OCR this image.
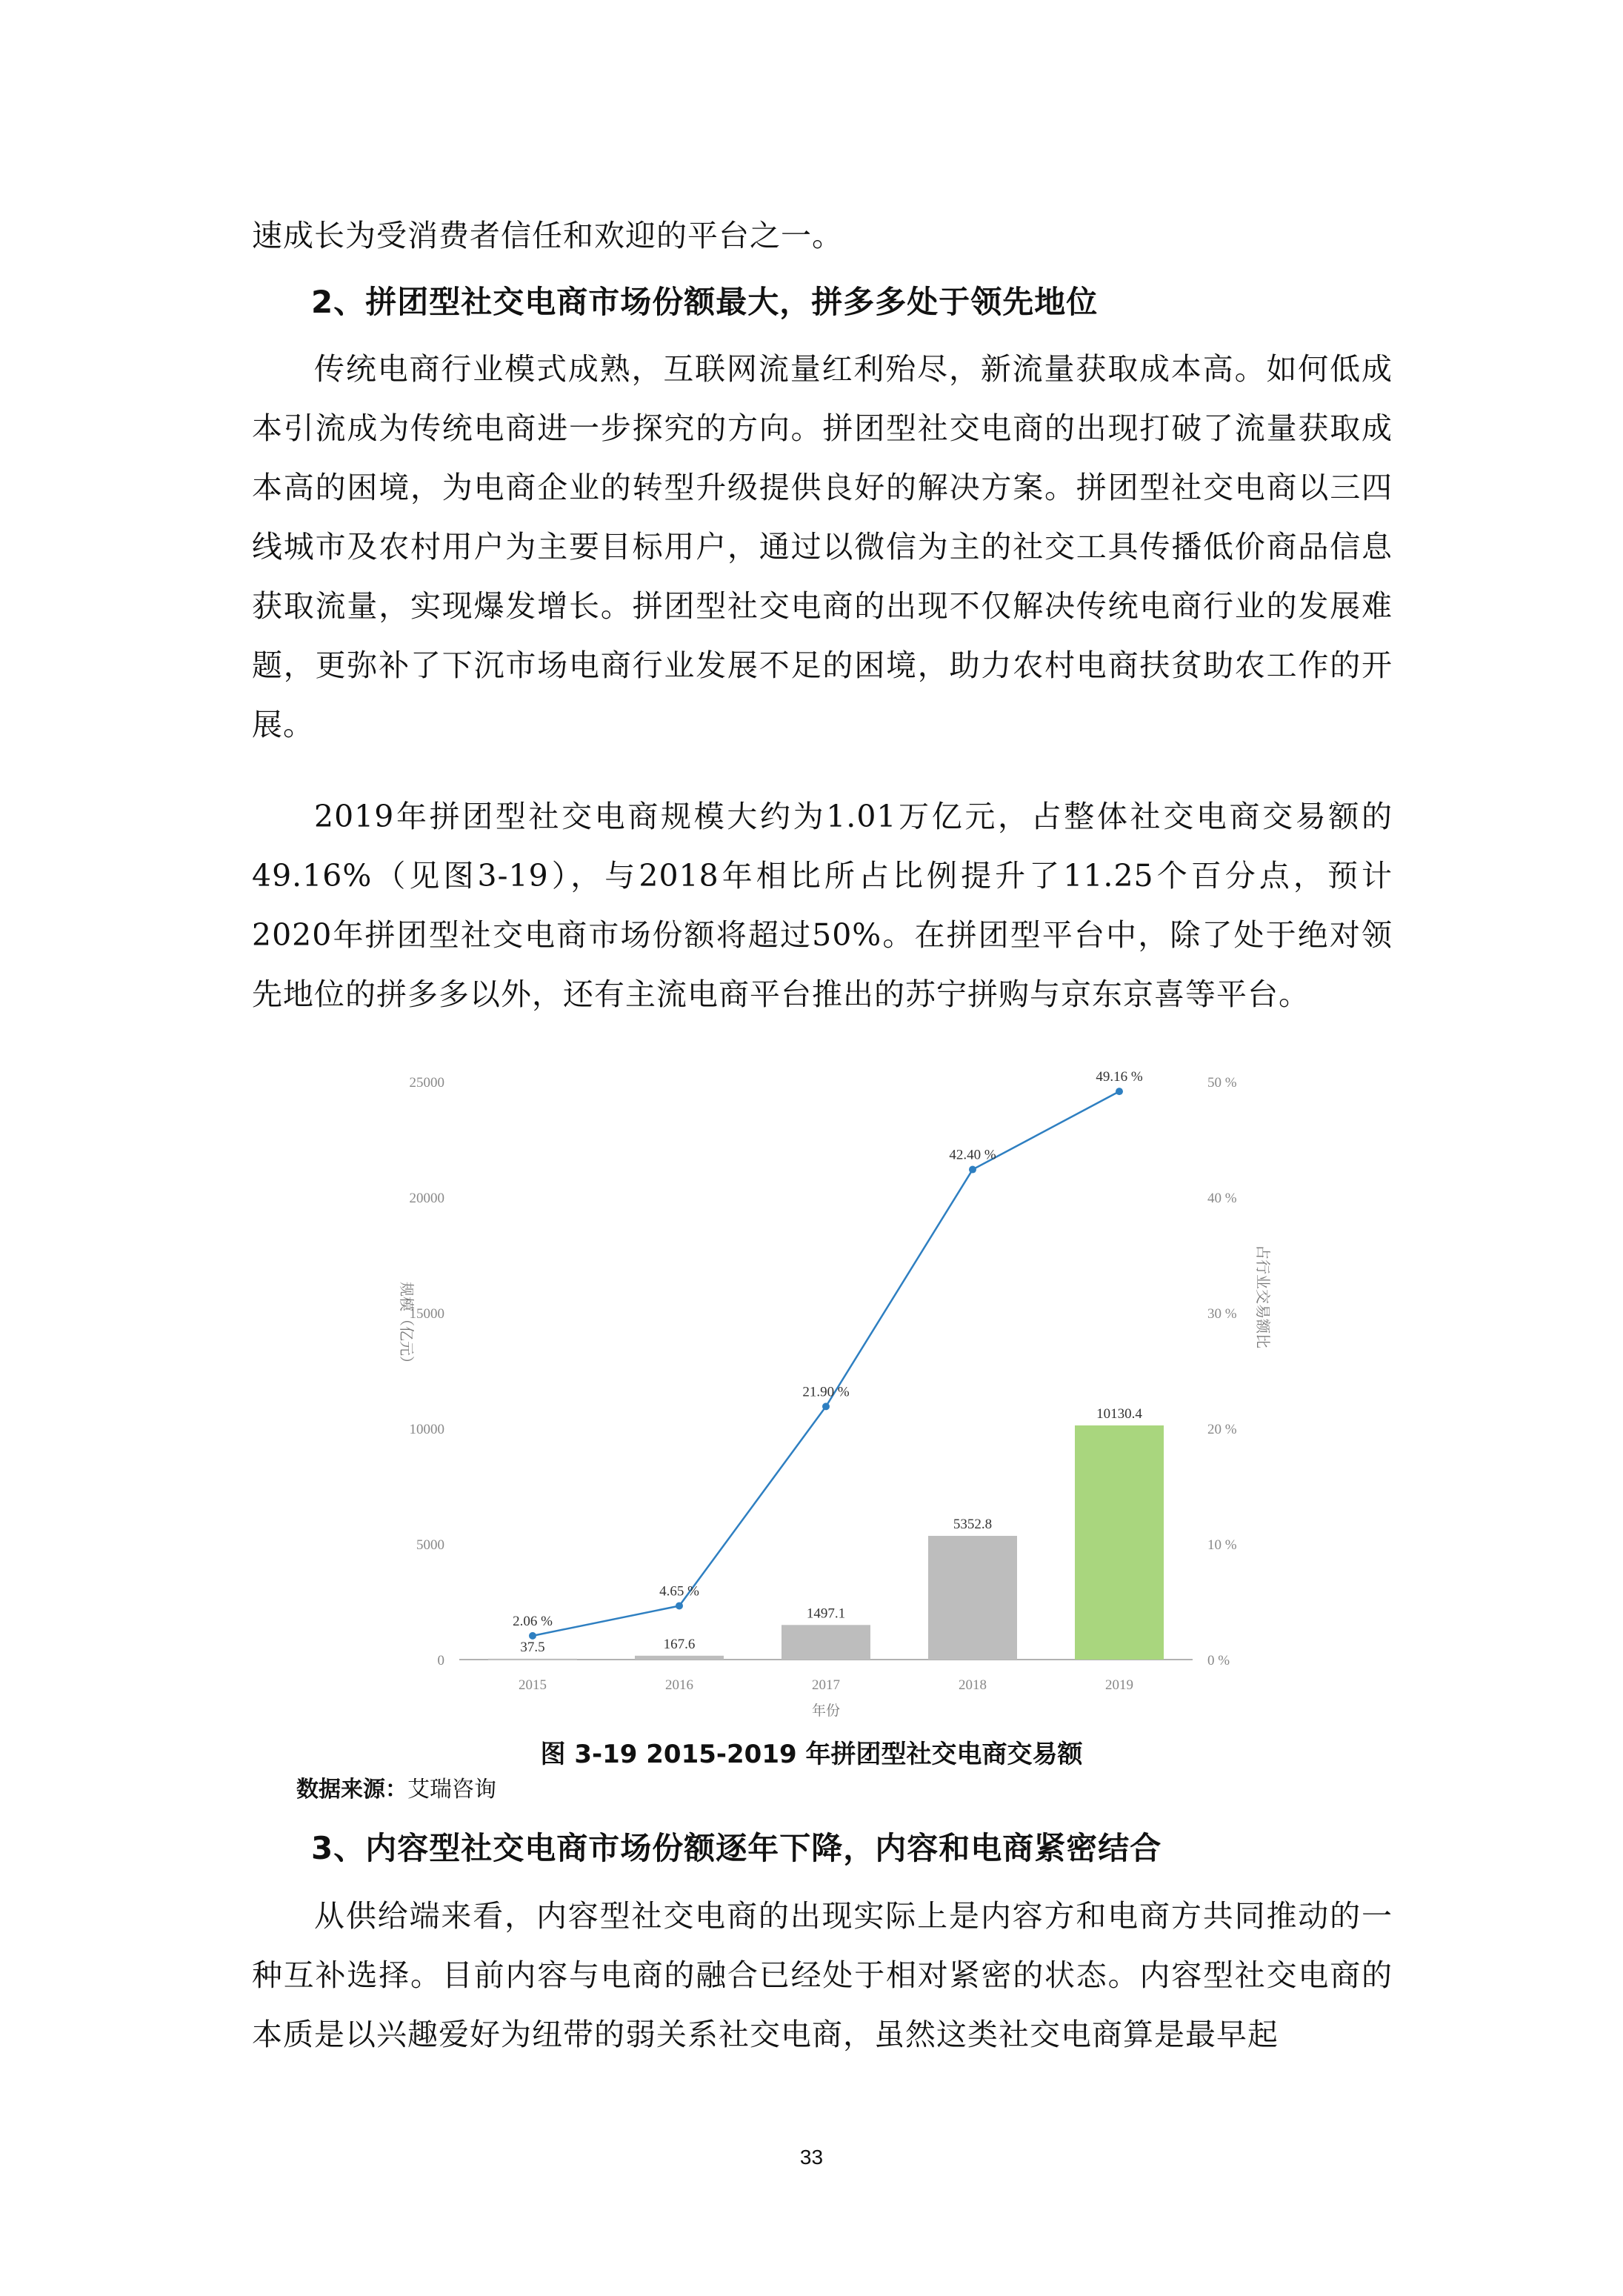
速成长为受消费者信任和欢迎的平台之一。

2、拼团型社交电商市场份额最大，拼多多处于领先地位

传统电商行业模式成熟，互联网流量红利殆尽，新流量获取成本高。如何低成本引流成为传统电商进一步探究的方向。拼团型社交电商的出现打破了流量获取成本高的困境，为电商企业的转型升级提供良好的解决方案。拼团型社交电商以三四线城市及农村用户为主要目标用户，通过以微信为主的社交工具传播低价商品信息获取流量，实现爆发增长。拼团型社交电商的出现不仅解决传统电商行业的发展难题，更弥补了下沉市场电商行业发展不足的困境，助力农村电商扶贫助农工作的开展。

2019年拼团型社交电商规模大约为1.01万亿元，占整体社交电商交易额的49.16%（见图3-19），与2018年相比所占比例提升了11.25个百分点，预计2020年拼团型社交电商市场份额将超过50%。在拼团型平台中，除了处于绝对领先地位的拼多多以外，还有主流电商平台推出的苏宁拼购与京东京喜等平台。

0
5000
10000
15000
20000
25000
0 %
10 %
20 %
30 %
40 %
50 %
37.5
2015
167.6
2016
1497.1
2017
5352.8
2018
10130.4
2019
2.06 %
4.65 %
21.90 %
42.40 %
49.16 %
年份
规模（亿元）	占行业交易额比
图 3-19 2015-2019 年拼团型社交电商交易额
数据来源：艾瑞咨询

3、内容型社交电商市场份额逐年下降，内容和电商紧密结合

从供给端来看，内容型社交电商的出现实际上是内容方和电商方共同推动的一种互补选择。目前内容与电商的融合已经处于相对紧密的状态。内容型社交电商的本质是以兴趣爱好为纽带的弱关系社交电商，虽然这类社交电商算是最早起

33
